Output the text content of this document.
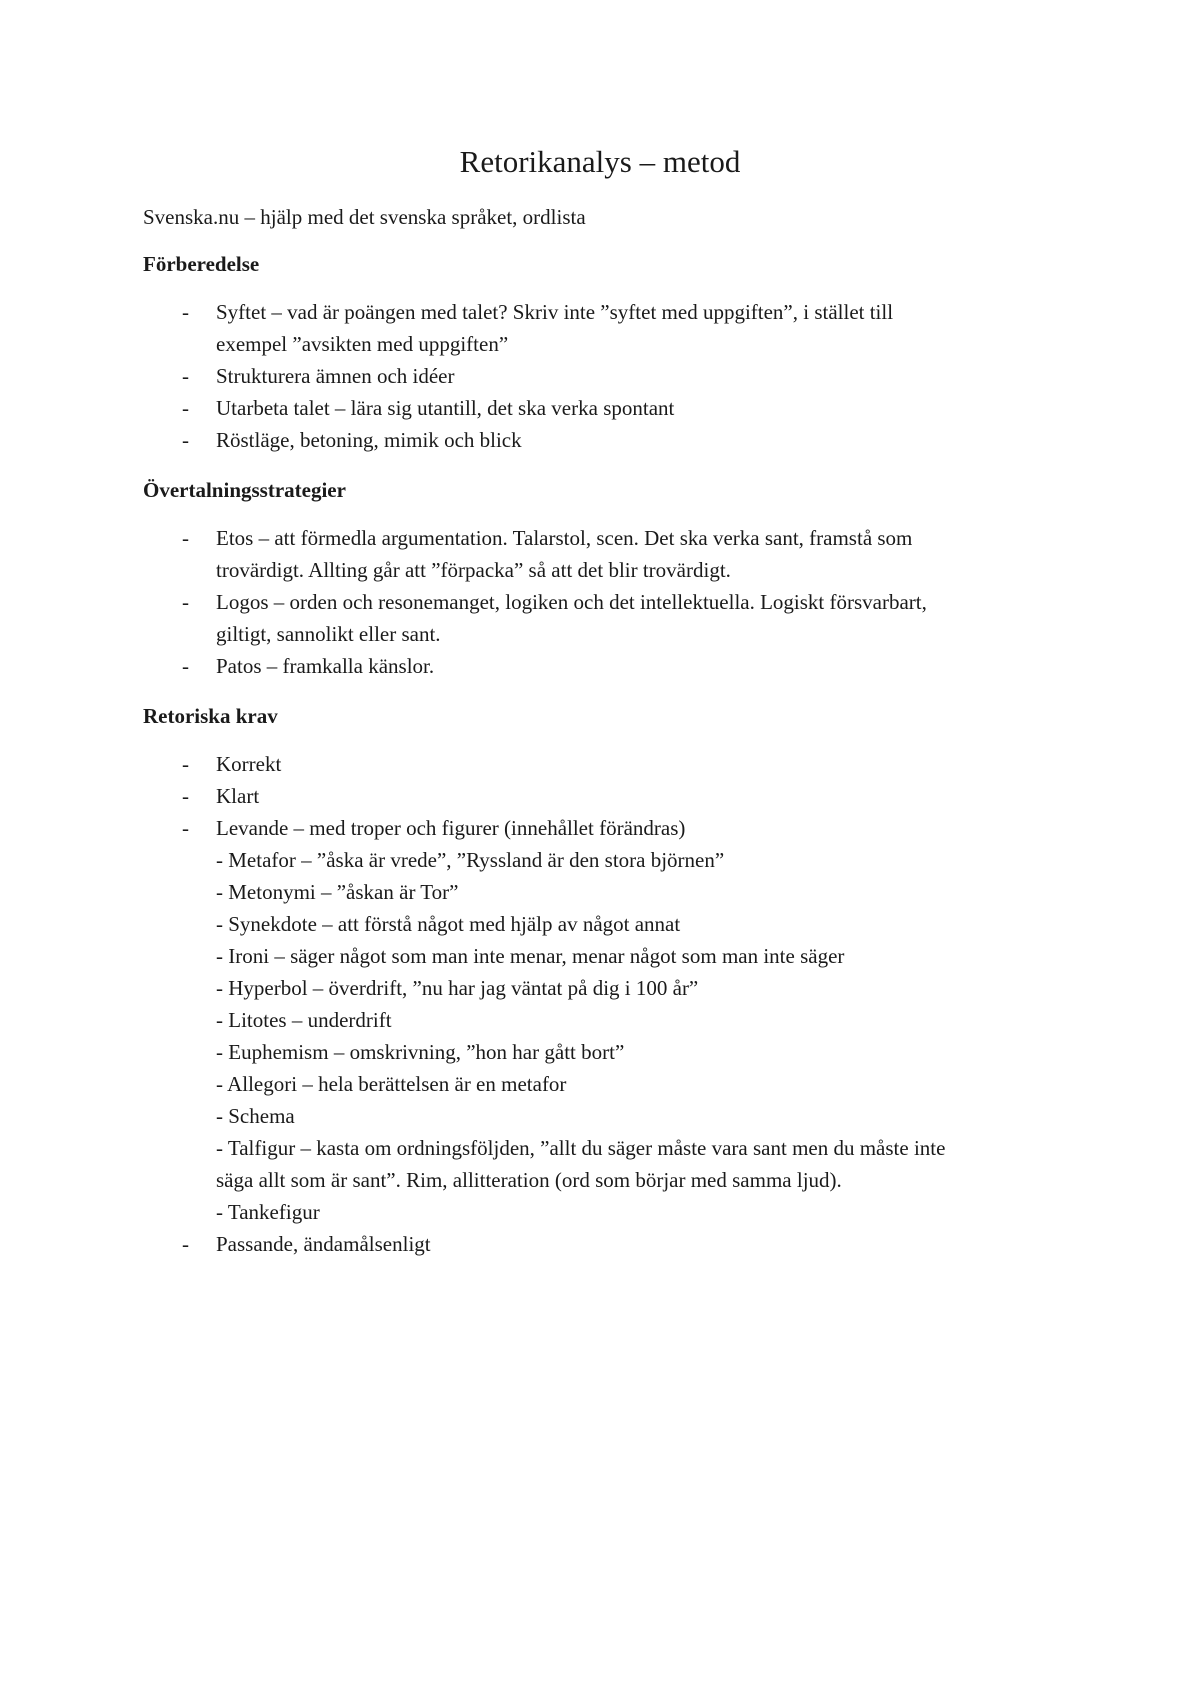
Retorikanalys – metod
Svenska.nu – hjälp med det svenska språket, ordlista
Förberedelse
- Syftet – vad är poängen med talet? Skriv inte ”syftet med uppgiften”, i stället till
exempel ”avsikten med uppgiften”
- Strukturera ämnen och idéer
- Utarbeta talet – lära sig utantill, det ska verka spontant
- Röstläge, betoning, mimik och blick
Övertalningsstrategier
- Etos – att förmedla argumentation. Talarstol, scen. Det ska verka sant, framstå som
trovärdigt. Allting går att ”förpacka” så att det blir trovärdigt.
- Logos – orden och resonemanget, logiken och det intellektuella. Logiskt försvarbart,
giltigt, sannolikt eller sant.
- Patos – framkalla känslor.
Retoriska krav
- Korrekt
- Klart
- Levande – med troper och figurer (innehållet förändras)
- Metafor – ”åska är vrede”, ”Ryssland är den stora björnen”
- Metonymi – ”åskan är Tor”
- Synekdote – att förstå något med hjälp av något annat
- Ironi – säger något som man inte menar, menar något som man inte säger
- Hyperbol – överdrift, ”nu har jag väntat på dig i 100 år”
- Litotes – underdrift
- Euphemism – omskrivning, ”hon har gått bort”
- Allegori – hela berättelsen är en metafor
- Schema
- Talfigur – kasta om ordningsföljden, ”allt du säger måste vara sant men du måste inte
säga allt som är sant”. Rim, allitteration (ord som börjar med samma ljud).
- Tankefigur
- Passande, ändamålsenligt
